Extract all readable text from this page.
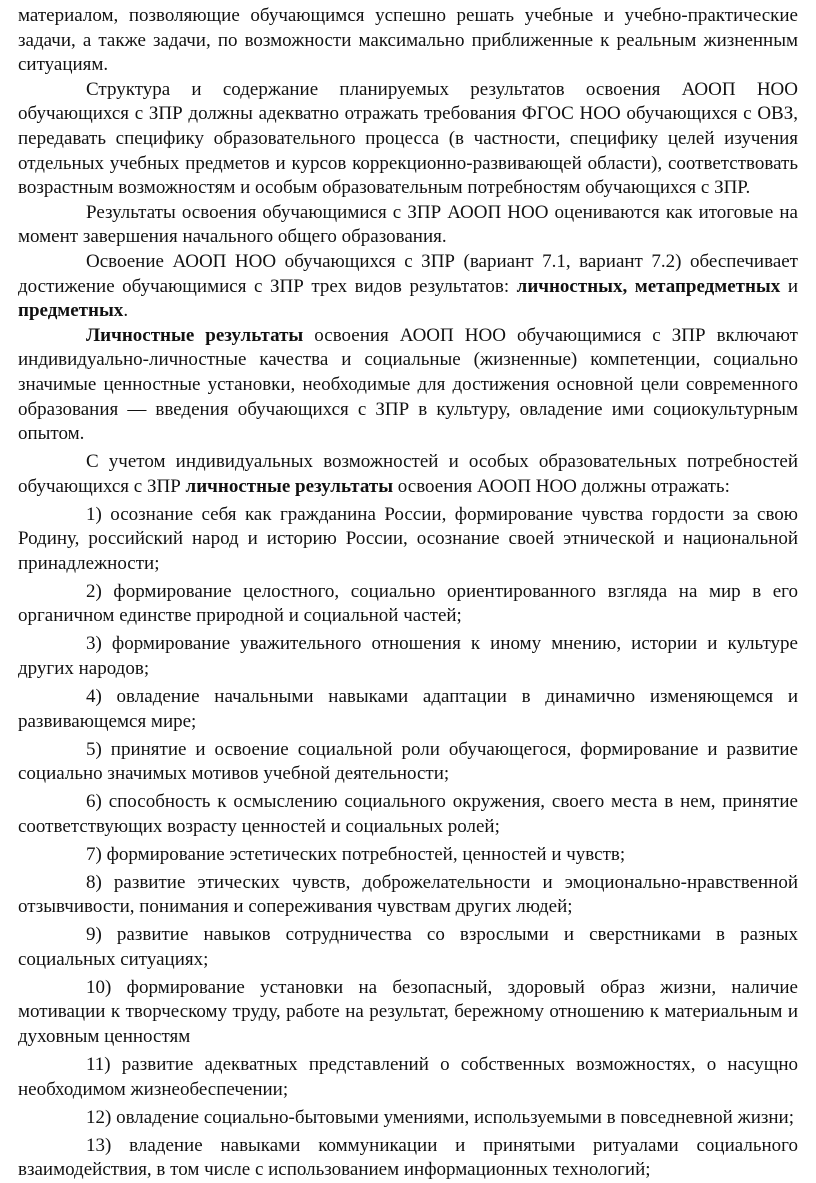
материалом, позволяющие обучающимся успешно решать учебные и учебно-практические задачи, а также задачи, по возможности максимально приближенные к реальным жизненным ситуациям.

Структура и содержание планируемых результатов освоения АООП НОО обучающихся с ЗПР должны адекватно отражать требования ФГОС НОО обучающихся с ОВЗ, передавать специфику образовательного процесса (в частности, специфику целей изучения отдельных учебных предметов и курсов коррекционно-развивающей области), соответствовать возрастным возможностям и особым образовательным потребностям обучающихся с ЗПР.

Результаты освоения обучающимися с ЗПР АООП НОО оцениваются как итоговые на момент завершения начального общего образования.

Освоение АООП НОО обучающихся с ЗПР (вариант 7.1, вариант 7.2) обеспечивает достижение обучающимися с ЗПР трех видов результатов: личностных, метапредметных и предметных.

Личностные результаты освоения АООП НОО обучающимися с ЗПР включают индивидуально-личностные качества и социальные (жизненные) компетенции, социально значимые ценностные установки, необходимые для достижения основной цели современного образования — введения обучающихся с ЗПР в культуру, овладение ими социокультурным опытом.

С учетом индивидуальных возможностей и особых образовательных потребностей обучающихся с ЗПР личностные результаты освоения АООП НОО должны отражать:

1) осознание себя как гражданина России, формирование чувства гордости за свою Родину, российский народ и историю России, осознание своей этнической и национальной принадлежности;

2) формирование целостного, социально ориентированного взгляда на мир в его органичном единстве природной и социальной частей;

3) формирование уважительного отношения к иному мнению, истории и культуре других народов;

4) овладение начальными навыками адаптации в динамично изменяющемся и развивающемся мире;

5) принятие и освоение социальной роли обучающегося, формирование и развитие социально значимых мотивов учебной деятельности;

6) способность к осмыслению социального окружения, своего места в нем, принятие соответствующих возрасту ценностей и социальных ролей;

7) формирование эстетических потребностей, ценностей и чувств;

8) развитие этических чувств, доброжелательности и эмоционально-нравственной отзывчивости, понимания и сопереживания чувствам других людей;

9) развитие навыков сотрудничества со взрослыми и сверстниками в разных социальных ситуациях;

10) формирование установки на безопасный, здоровый образ жизни, наличие мотивации к творческому труду, работе на результат, бережному отношению к материальным и духовным ценностям

11) развитие адекватных представлений о собственных возможностях, о насущно необходимом жизнеобеспечении;

12) овладение социально-бытовыми умениями, используемыми в повседневной жизни;

13) владение навыками коммуникации и принятыми ритуалами социального взаимодействия, в том числе с использованием информационных технологий;
